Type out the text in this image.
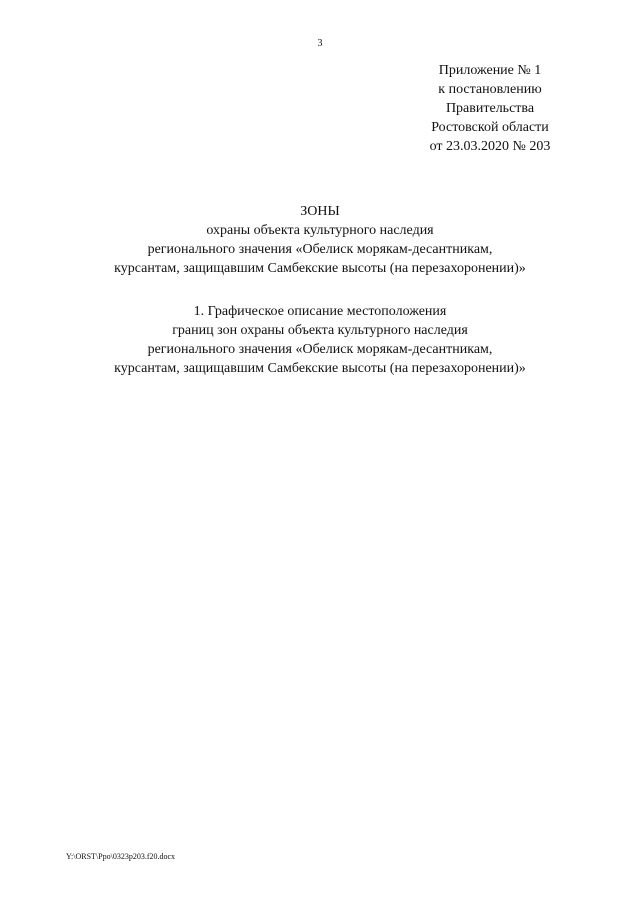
3
Приложение № 1
к постановлению
Правительства
Ростовской области
от 23.03.2020 № 203
ЗОНЫ
охраны объекта культурного наследия
регионального значения «Обелиск морякам-десантникам,
курсантам, защищавшим Самбекские высоты (на перезахоронении)»
1. Графическое описание местоположения
границ зон охраны объекта культурного наследия
регионального значения «Обелиск морякам-десантникам,
курсантам, защищавшим Самбекские высоты (на перезахоронении)»
Y:\ORST\Ppo\0323p203.f20.docx
